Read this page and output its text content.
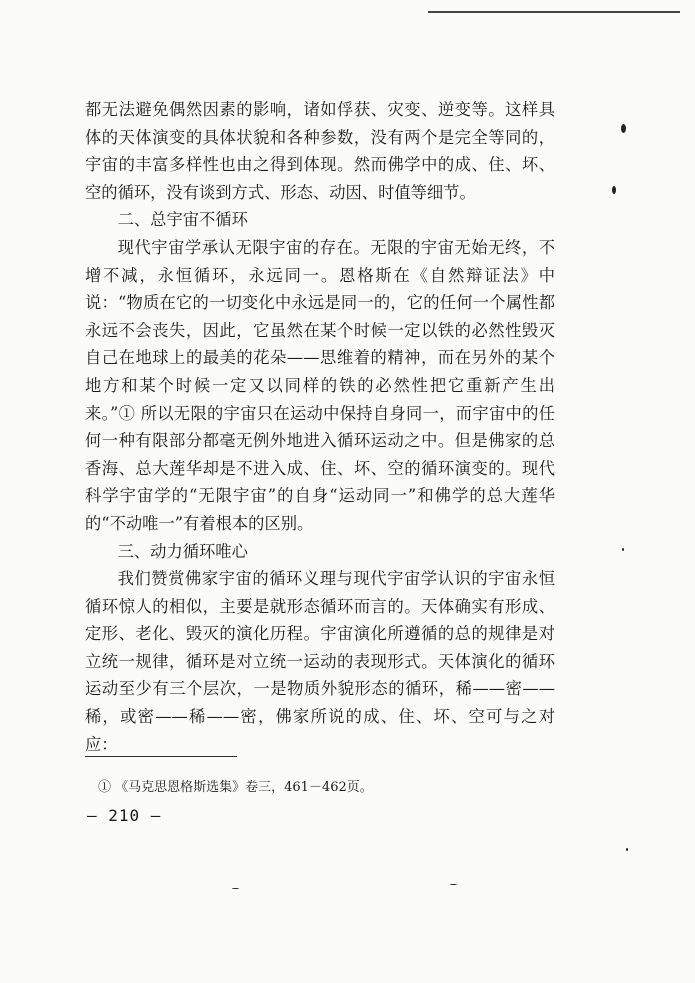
都无法避免偶然因素的影响，诸如俘获、灾变、逆变等。这样具体的天体演变的具体状貌和各种参数，没有两个是完全等同的，宇宙的丰富多样性也由之得到体现。然而佛学中的成、住、坏、空的循环，没有谈到方式、形态、动因、时值等细节。

二、总宇宙不循环

现代宇宙学承认无限宇宙的存在。无限的宇宙无始无终，不增不减，永恒循环，永远同一。恩格斯在《自然辩证法》中说：“物质在它的一切变化中永远是同一的，它的任何一个属性都永远不会丧失，因此，它虽然在某个时候一定以铁的必然性毁灭自己在地球上的最美的花朵——思维着的精神，而在另外的某个地方和某个时候一定又以同样的铁的必然性把它重新产生出来。”① 所以无限的宇宙只在运动中保持自身同一，而宇宙中的任何一种有限部分都毫无例外地进入循环运动之中。但是佛家的总香海、总大莲华却是不进入成、住、坏、空的循环演变的。现代科学宇宙学的“无限宇宙”的自身“运动同一”和佛学的总大莲华的“不动唯一”有着根本的区别。

三、动力循环唯心

我们赞赏佛家宇宙的循环义理与现代宇宙学认识的宇宙永恒循环惊人的相似，主要是就形态循环而言的。天体确实有形成、定形、老化、毁灭的演化历程。宇宙演化所遵循的总的规律是对立统一规律，循环是对立统一运动的表现形式。天体演化的循环运动至少有三个层次，一是物质外貌形态的循环，稀——密——稀，或密——稀——密，佛家所说的成、住、坏、空可与之对应：

① 《马克思恩格斯选集》卷三，461－462页。
— 210 —
